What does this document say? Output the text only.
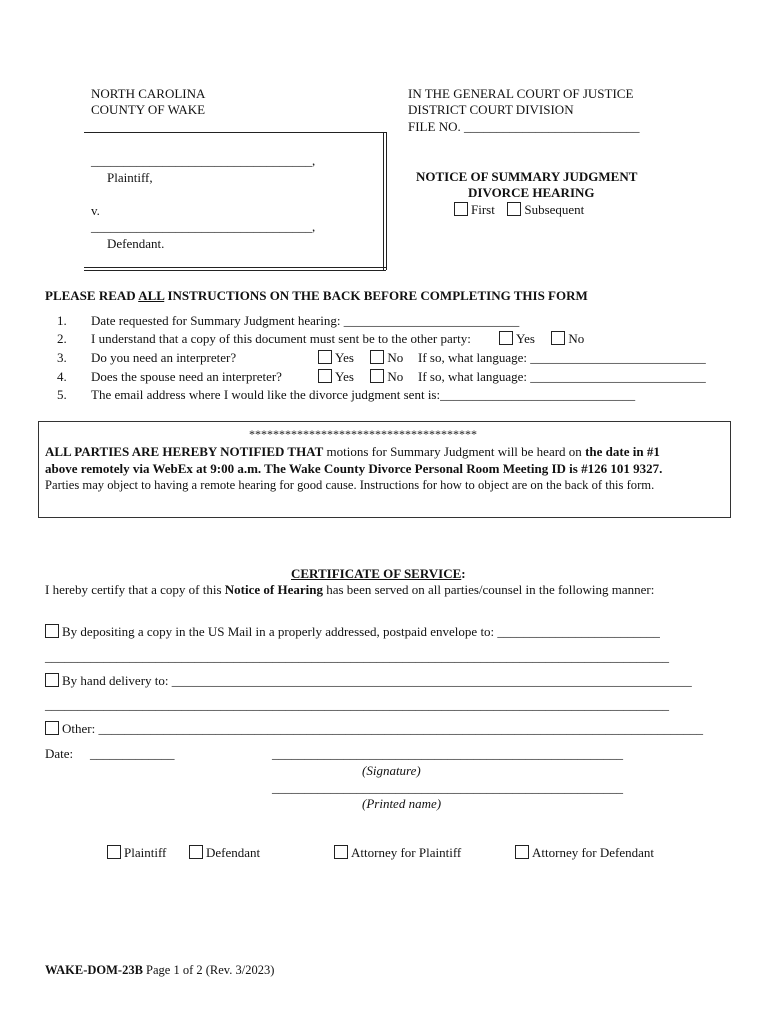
NORTH CAROLINA
COUNTY OF WAKE
IN THE GENERAL COURT OF JUSTICE
DISTRICT COURT DIVISION
FILE NO. ___________________________
__________________________________,
Plaintiff,
v.
__________________________________,
Defendant.
NOTICE OF SUMMARY JUDGMENT
DIVORCE HEARING
First Subsequent
PLEASE READ ALL INSTRUCTIONS ON THE BACK BEFORE COMPLETING THIS FORM
1. Date requested for Summary Judgment hearing: ___________________________
2. I understand that a copy of this document must sent be to the other party:	Yes	No
3. Do you need an interpreter?	Yes	No If so, what language: ___________________________
4. Does the spouse need an interpreter?	Yes	No If so, what language: ___________________________
5. The email address where I would like the divorce judgment sent is:______________________________
**************************************
ALL PARTIES ARE HEREBY NOTIFIED THAT motions for Summary Judgment will be heard on the date in #1
above remotely via WebEx at 9:00 a.m. The Wake County Divorce Personal Room Meeting ID is #126 101 9327.
Parties may object to having a remote hearing for good cause. Instructions for how to object are on the back of this form.
CERTIFICATE OF SERVICE:
I hereby certify that a copy of this Notice of Hearing has been served on all parties/counsel in the following manner:
By depositing a copy in the US Mail in a properly addressed, postpaid envelope to: _________________________
________________________________________________________________________________________________
By hand delivery to: ________________________________________________________________________________
________________________________________________________________________________________________
Other: _____________________________________________________________________________________________
Date: _____________	______________________________________________________
(Signature)
______________________________________________________
(Printed name)
Plaintiff	Defendant	Attorney for Plaintiff	Attorney for Defendant
WAKE-DOM-23B Page 1 of 2 (Rev. 3/2023)
